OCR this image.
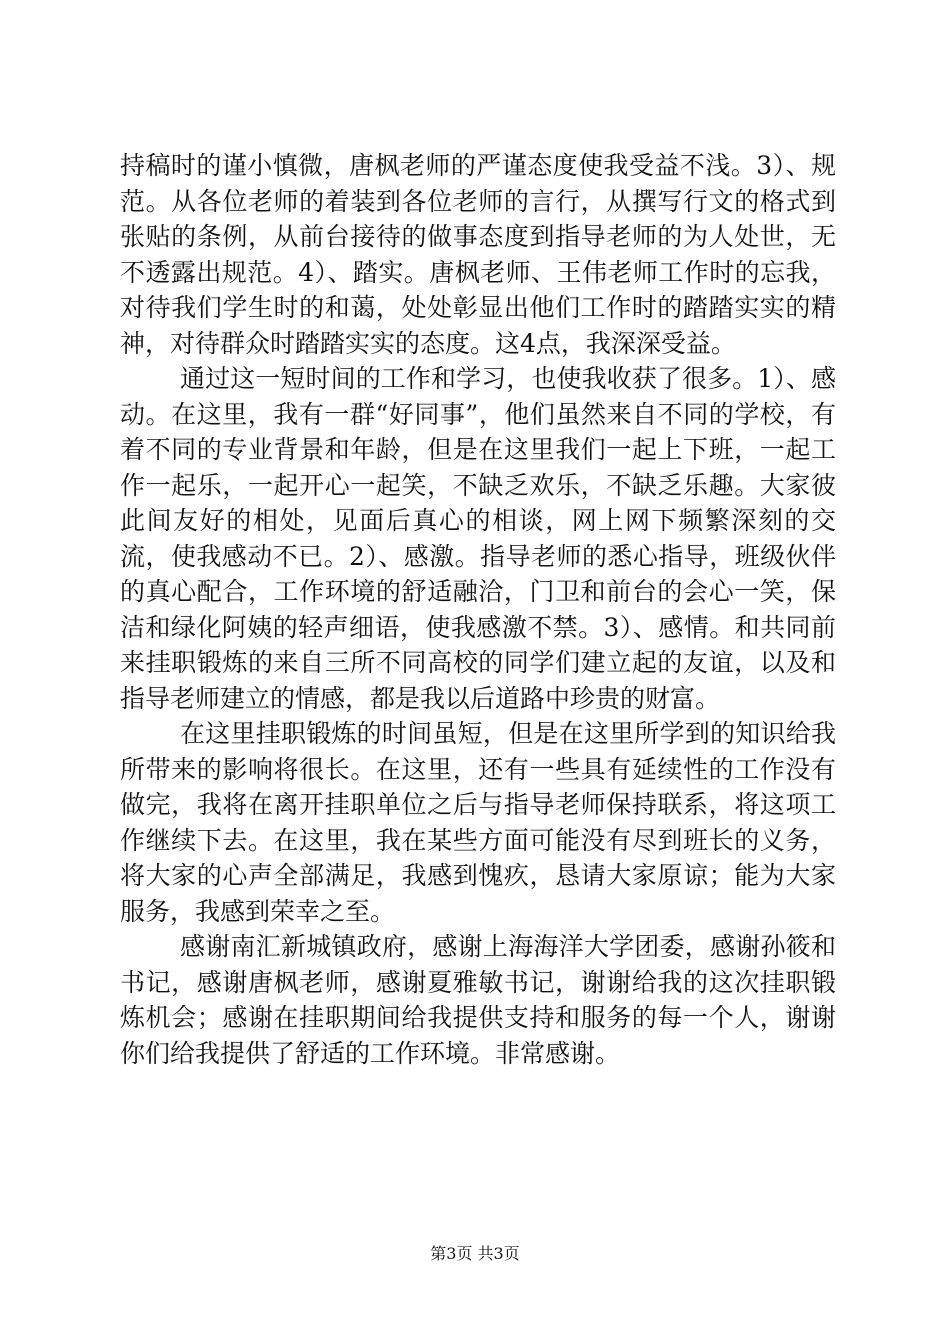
持稿时的谨小慎微，唐枫老师的严谨态度使我受益不浅。3）、规范。从各位老师的着装到各位老师的言行，从撰写行文的格式到张贴的条例，从前台接待的做事态度到指导老师的为人处世，无不透露出规范。4）、踏实。唐枫老师、王伟老师工作时的忘我，对待我们学生时的和蔼，处处彰显出他们工作时的踏踏实实的精神，对待群众时踏踏实实的态度。这4点，我深深受益。

通过这一短时间的工作和学习，也使我收获了很多。1）、感动。在这里，我有一群“好同事”，他们虽然来自不同的学校，有着不同的专业背景和年龄，但是在这里我们一起上下班，一起工作一起乐，一起开心一起笑，不缺乏欢乐，不缺乏乐趣。大家彼此间友好的相处，见面后真心的相谈，网上网下频繁深刻的交流，使我感动不已。2）、感激。指导老师的悉心指导，班级伙伴的真心配合，工作环境的舒适融洽，门卫和前台的会心一笑，保洁和绿化阿姨的轻声细语，使我感激不禁。3）、感情。和共同前来挂职锻炼的来自三所不同高校的同学们建立起的友谊，以及和指导老师建立的情感，都是我以后道路中珍贵的财富。

在这里挂职锻炼的时间虽短，但是在这里所学到的知识给我所带来的影响将很长。在这里，还有一些具有延续性的工作没有做完，我将在离开挂职单位之后与指导老师保持联系，将这项工作继续下去。在这里，我在某些方面可能没有尽到班长的义务，将大家的心声全部满足，我感到愧疚，恳请大家原谅；能为大家服务，我感到荣幸之至。

感谢南汇新城镇政府，感谢上海海洋大学团委，感谢孙筱和书记，感谢唐枫老师，感谢夏雅敏书记，谢谢给我的这次挂职锻炼机会；感谢在挂职期间给我提供支持和服务的每一个人，谢谢你们给我提供了舒适的工作环境。非常感谢。

第3页 共3页
